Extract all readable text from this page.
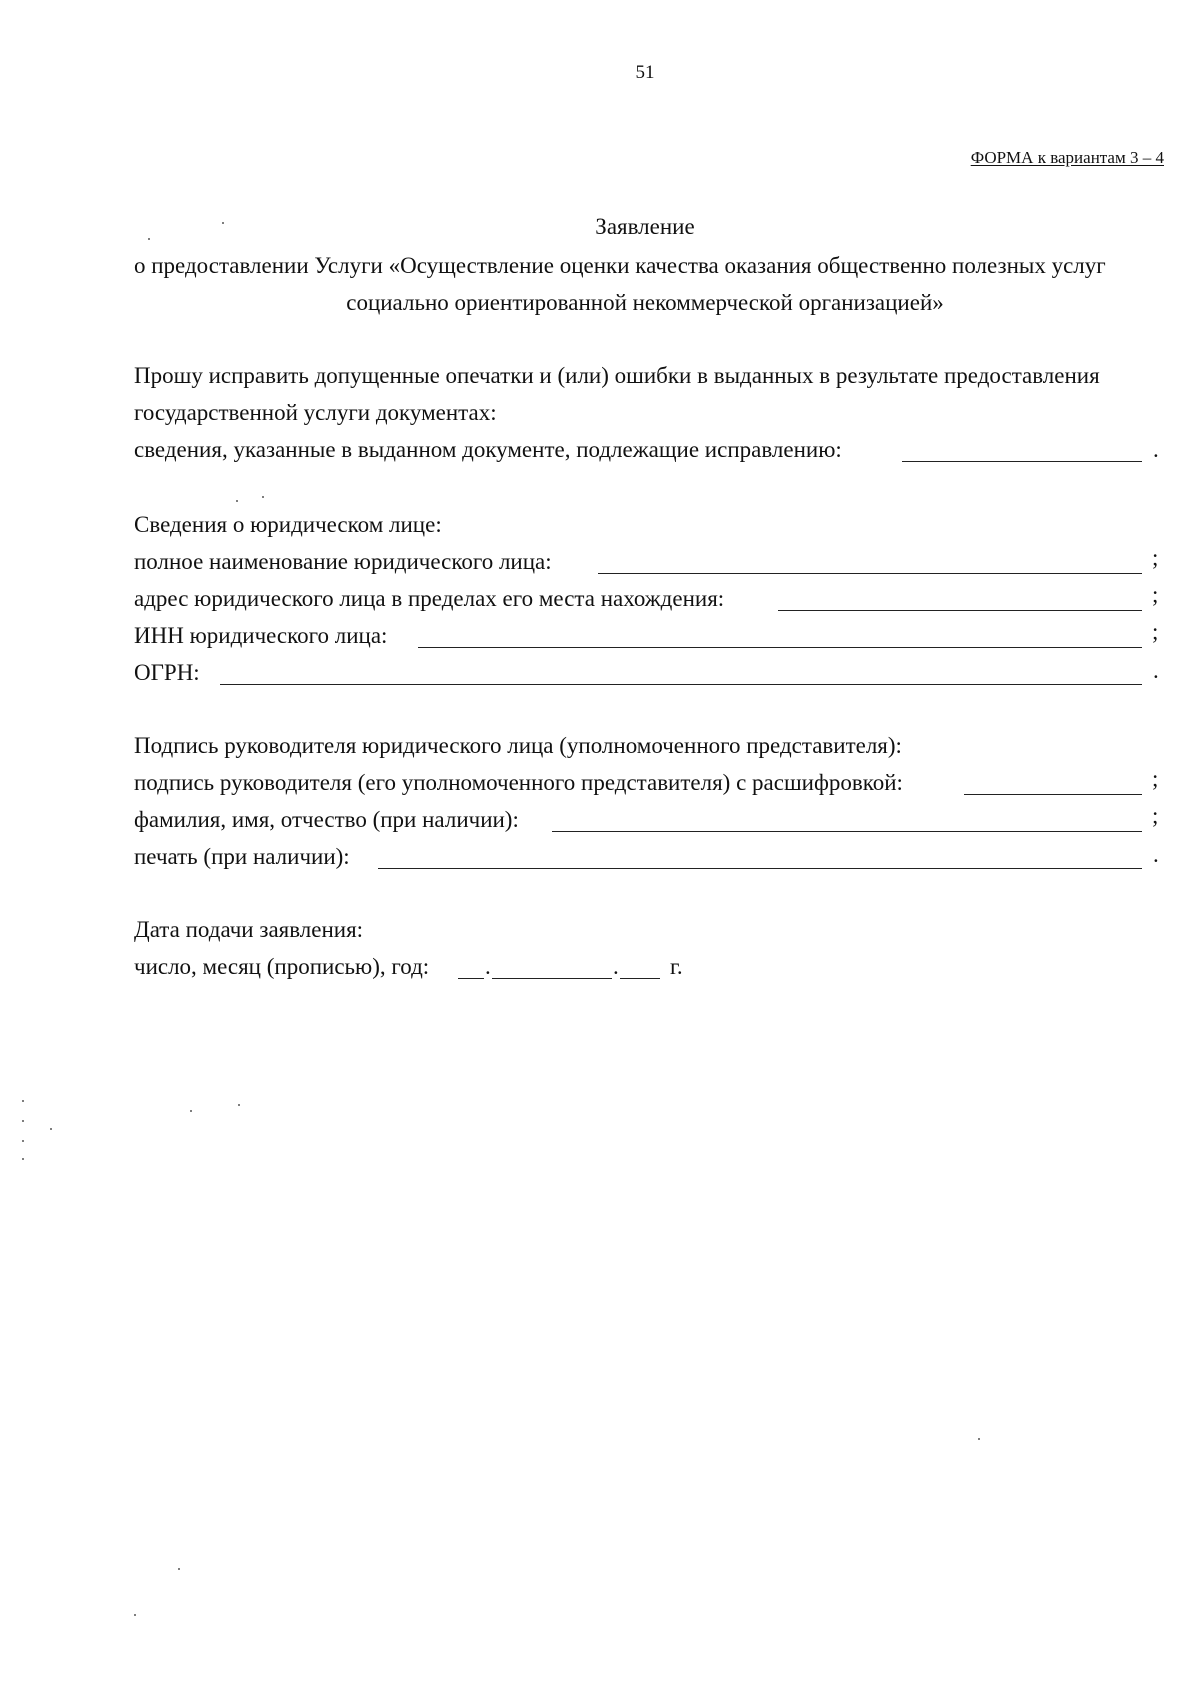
51
ФОРМА к вариантам 3 – 4
Заявление
о предоставлении Услуги «Осуществление оценки качества оказания общественно полезных услуг
социально ориентированной некоммерческой организацией»
Прошу исправить допущенные опечатки и (или) ошибки в выданных в результате предоставления
государственной услуги документах:
сведения, указанные в выданном документе, подлежащие исправлению:	.
Сведения о юридическом лице:
полное наименование юридического лица:	;
адрес юридического лица в пределах его места нахождения:	;
ИНН юридического лица:	;
ОГРН:	.
Подпись руководителя юридического лица (уполномоченного представителя):
подпись руководителя (его уполномоченного представителя) с расшифровкой:	;
фамилия, имя, отчество (при наличии):	;
печать (при наличии):	.
Дата подачи заявления:
число, месяц (прописью), год: .	. г.
